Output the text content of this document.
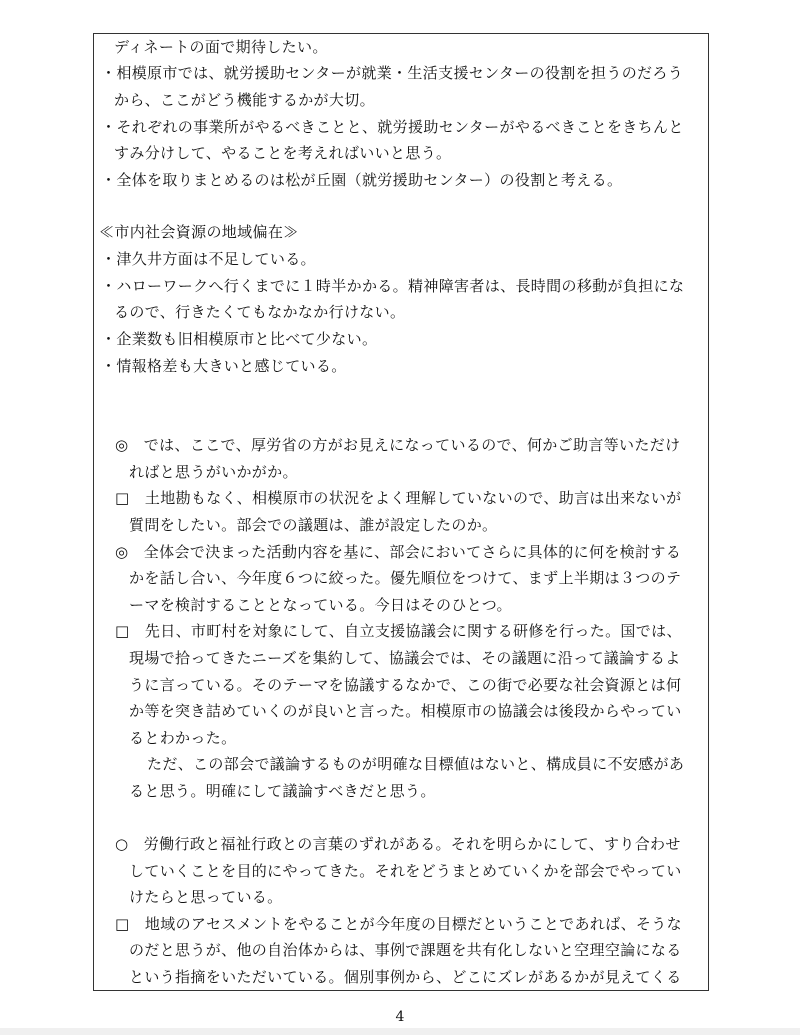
ディネートの面で期待したい。
・相模原市では、就労援助センターが就業・生活支援センターの役割を担うのだろう
から、ここがどう機能するかが大切。
・それぞれの事業所がやるべきことと、就労援助センターがやるべきことをきちんと
すみ分けして、やることを考えればいいと思う。
・全体を取りまとめるのは松が丘園（就労援助センター）の役割と考える。
≪市内社会資源の地域偏在≫
・津久井方面は不足している。
・ハローワークへ行くまでに１時半かかる。精神障害者は、長時間の移動が負担にな
るので、行きたくてもなかなか行けない。
・企業数も旧相模原市と比べて少ない。
・情報格差も大きいと感じている。
◎　では、ここで、厚労省の方がお見えになっているので、何かご助言等いただけ
ればと思うがいかがか。
□　土地勘もなく、相模原市の状況をよく理解していないので、助言は出来ないが
質問をしたい。部会での議題は、誰が設定したのか。
◎　全体会で決まった活動内容を基に、部会においてさらに具体的に何を検討する
かを話し合い、今年度６つに絞った。優先順位をつけて、まず上半期は３つのテ
ーマを検討することとなっている。今日はそのひとつ。
□　先日、市町村を対象にして、自立支援協議会に関する研修を行った。国では、
現場で拾ってきたニーズを集約して、協議会では、その議題に沿って議論するよ
うに言っている。そのテーマを協議するなかで、この街で必要な社会資源とは何
か等を突き詰めていくのが良いと言った。相模原市の協議会は後段からやってい
るとわかった。
ただ、この部会で議論するものが明確な目標値はないと、構成員に不安感があ
ると思う。明確にして議論すべきだと思う。
○　労働行政と福祉行政との言葉のずれがある。それを明らかにして、すり合わせ
していくことを目的にやってきた。それをどうまとめていくかを部会でやってい
けたらと思っている。
□　地域のアセスメントをやることが今年度の目標だということであれば、そうな
のだと思うが、他の自治体からは、事例で課題を共有化しないと空理空論になる
という指摘をいただいている。個別事例から、どこにズレがあるかが見えてくる
4
